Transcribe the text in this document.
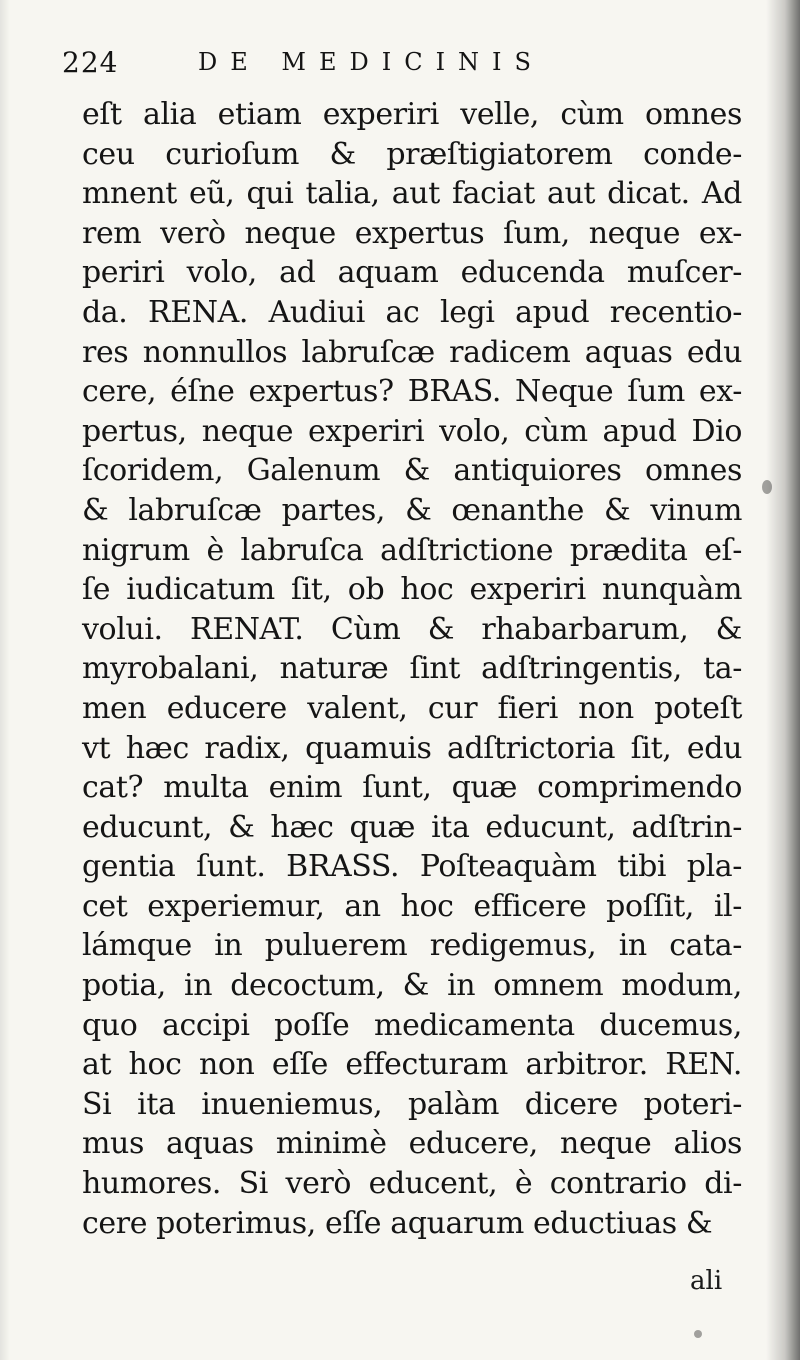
224	DE MEDICINIS
eſt alia etiam experiri velle, cùm omnes
ceu curioſum & præſtigiatorem conde-
mnent eũ, qui talia, aut faciat aut dicat. Ad
rem verò neque expertus ſum, neque ex-
periri volo, ad aquam educenda muſcer-
da. RENA. Audiui ac legi apud recentio-
res nonnullos labruſcæ radicem aquas edu
cere, éſne expertus? BRAS. Neque ſum ex-
pertus, neque experiri volo, cùm apud Dio
ſcoridem, Galenum & antiquiores omnes
& labruſcæ partes, & œnanthe & vinum
nigrum è labruſca adſtrictione prædita eſ-
ſe iudicatum ſit, ob hoc experiri nunquàm
volui. RENAT. Cùm & rhabarbarum, &
myrobalani, naturæ ſint adſtringentis, ta-
men educere valent, cur fieri non poteſt
vt hæc radix, quamuis adſtrictoria ſit, edu
cat? multa enim ſunt, quæ comprimendo
educunt, & hæc quæ ita educunt, adſtrin-
gentia ſunt. BRASS. Poſteaquàm tibi pla-
cet experiemur, an hoc efficere poſſit, il-
lámque in puluerem redigemus, in cata-
potia, in decoctum, & in omnem modum,
quo accipi poſſe medicamenta ducemus,
at hoc non eſſe effecturam arbitror. REN.
Si ita inueniemus, palàm dicere poteri-
mus aquas minimè educere, neque alios
humores. Si verò educent, è contrario di-
cere poterimus, eſſe aquarum eductiuas &
ali
